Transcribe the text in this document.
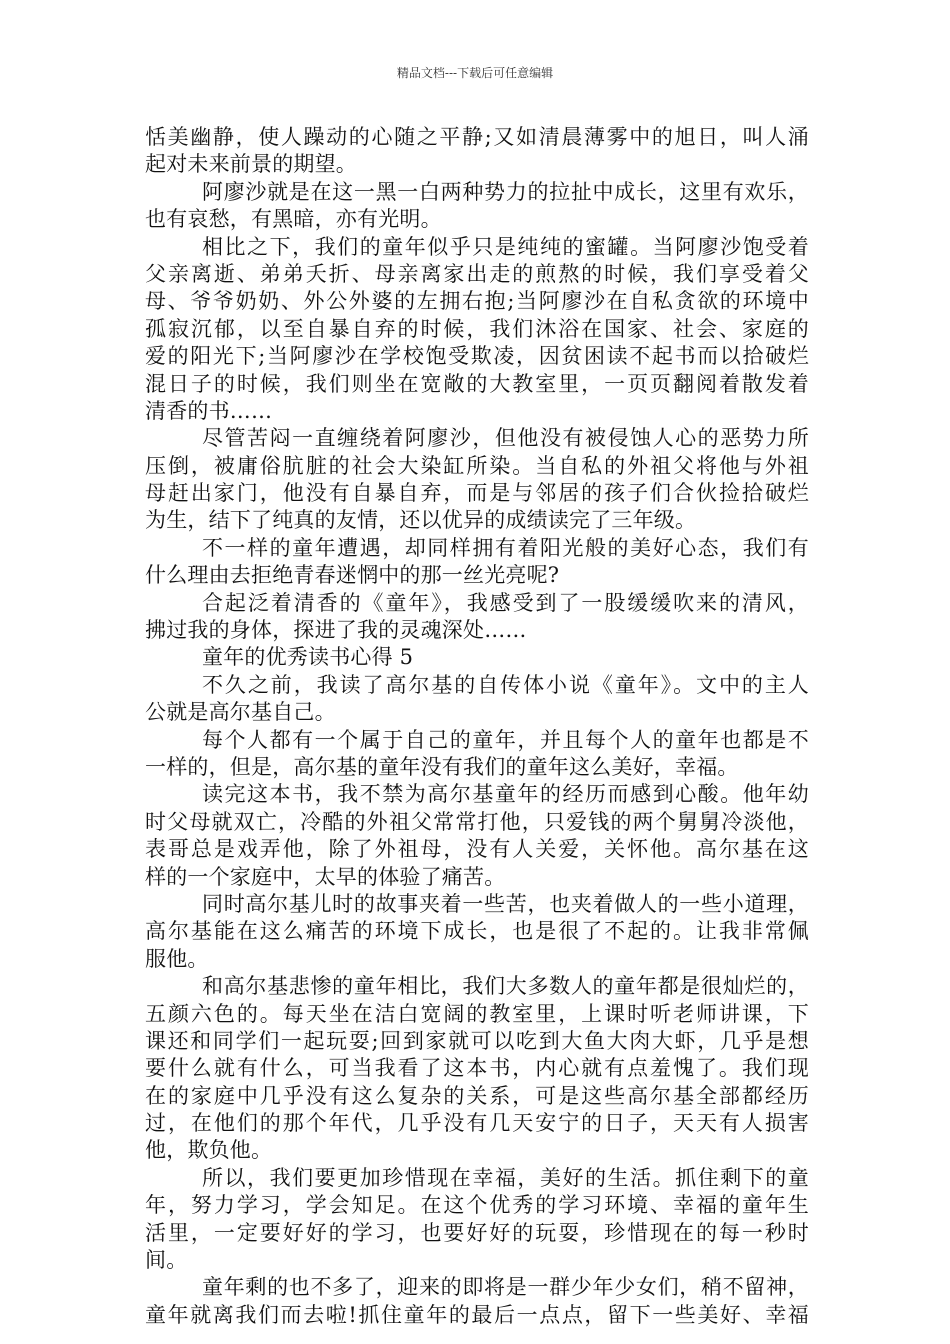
精品文档---下载后可任意编辑
恬美幽静，使人躁动的心随之平静;又如清晨薄雾中的旭日，叫人涌
起对未来前景的期望。
阿廖沙就是在这一黑一白两种势力的拉扯中成长，这里有欢乐，
也有哀愁，有黑暗，亦有光明。
相比之下，我们的童年似乎只是纯纯的蜜罐。当阿廖沙饱受着
父亲离逝、弟弟夭折、母亲离家出走的煎熬的时候，我们享受着父
母、爷爷奶奶、外公外婆的左拥右抱;当阿廖沙在自私贪欲的环境中
孤寂沉郁，以至自暴自弃的时候，我们沐浴在国家、社会、家庭的
爱的阳光下;当阿廖沙在学校饱受欺凌，因贫困读不起书而以拾破烂
混日子的时候，我们则坐在宽敞的大教室里，一页页翻阅着散发着
清香的书……
尽管苦闷一直缠绕着阿廖沙，但他没有被侵蚀人心的恶势力所
压倒，被庸俗肮脏的社会大染缸所染。当自私的外祖父将他与外祖
母赶出家门，他没有自暴自弃，而是与邻居的孩子们合伙捡拾破烂
为生，结下了纯真的友情，还以优异的成绩读完了三年级。
不一样的童年遭遇，却同样拥有着阳光般的美好心态，我们有
什么理由去拒绝青春迷惘中的那一丝光亮呢?
合起泛着清香的《童年》，我感受到了一股缓缓吹来的清风，
拂过我的身体，探进了我的灵魂深处……
童年的优秀读书心得 5
不久之前，我读了高尔基的自传体小说《童年》。文中的主人
公就是高尔基自己。
每个人都有一个属于自己的童年，并且每个人的童年也都是不
一样的，但是，高尔基的童年没有我们的童年这么美好，幸福。
读完这本书，我不禁为高尔基童年的经历而感到心酸。他年幼
时父母就双亡，冷酷的外祖父常常打他，只爱钱的两个舅舅冷淡他，
表哥总是戏弄他，除了外祖母，没有人关爱，关怀他。高尔基在这
样的一个家庭中，太早的体验了痛苦。
同时高尔基儿时的故事夹着一些苦，也夹着做人的一些小道理，
高尔基能在这么痛苦的环境下成长，也是很了不起的。让我非常佩
服他。
和高尔基悲惨的童年相比，我们大多数人的童年都是很灿烂的，
五颜六色的。每天坐在洁白宽阔的教室里，上课时听老师讲课，下
课还和同学们一起玩耍;回到家就可以吃到大鱼大肉大虾，几乎是想
要什么就有什么，可当我看了这本书，内心就有点羞愧了。我们现
在的家庭中几乎没有这么复杂的关系，可是这些高尔基全部都经历
过，在他们的那个年代，几乎没有几天安宁的日子，天天有人损害
他，欺负他。
所以，我们要更加珍惜现在幸福，美好的生活。抓住剩下的童
年，努力学习，学会知足。在这个优秀的学习环境、幸福的童年生
活里，一定要好好的学习，也要好好的玩耍，珍惜现在的每一秒时
间。
童年剩的也不多了，迎来的即将是一群少年少女们，稍不留神，
童年就离我们而去啦!抓住童年的最后一点点，留下一些美好、幸福
